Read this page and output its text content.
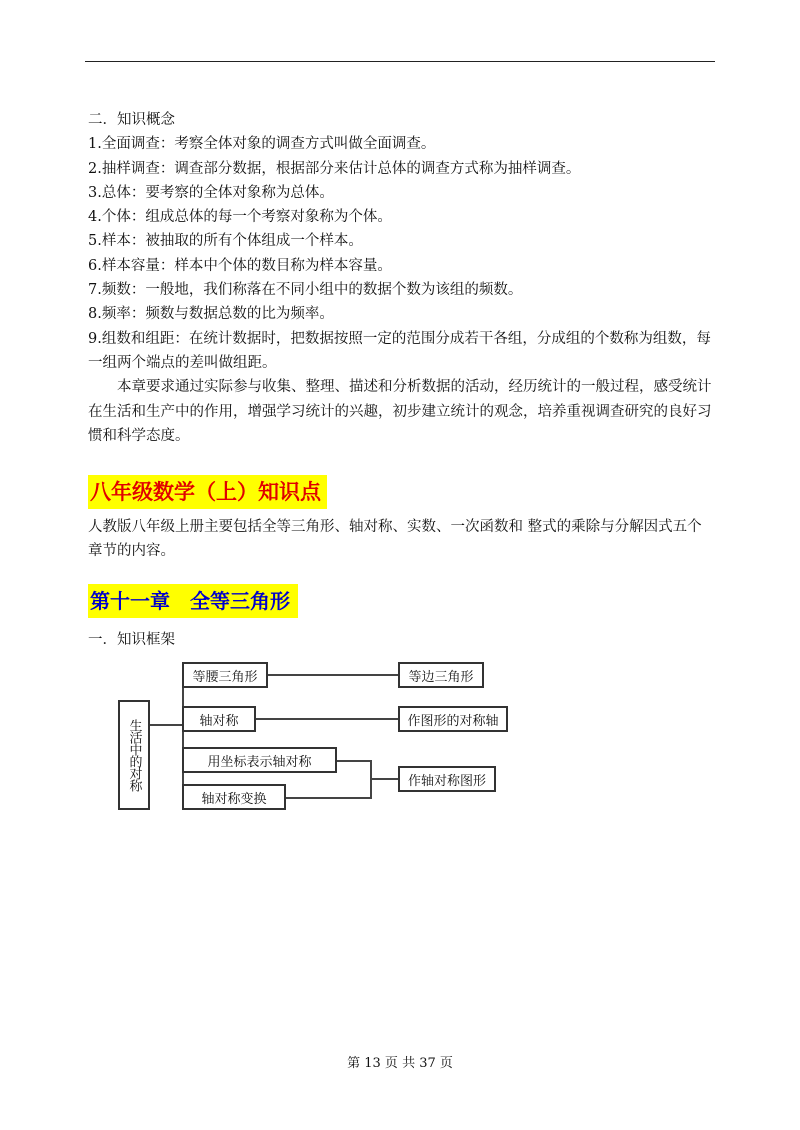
二．知识概念
1.全面调查：考察全体对象的调查方式叫做全面调查。
2.抽样调查：调查部分数据，根据部分来估计总体的调查方式称为抽样调查。
3.总体：要考察的全体对象称为总体。
4.个体：组成总体的每一个考察对象称为个体。
5.样本：被抽取的所有个体组成一个样本。
6.样本容量：样本中个体的数目称为样本容量。
7.频数：一般地，我们称落在不同小组中的数据个数为该组的频数。
8.频率：频数与数据总数的比为频率。
9.组数和组距：在统计数据时，把数据按照一定的范围分成若干各组，分成组的个数称为组数，每一组两个端点的差叫做组距。
本章要求通过实际参与收集、整理、描述和分析数据的活动，经历统计的一般过程，感受统计在生活和生产中的作用，增强学习统计的兴趣，初步建立统计的观念，培养重视调查研究的良好习惯和科学态度。
八年级数学（上）知识点
人教版八年级上册主要包括全等三角形、轴对称、实数、一次函数和 整式的乘除与分解因式五个章节的内容。
第十一章　全等三角形
一．知识框架
生活中的对称
等腰三角形	等边三角形
轴对称	作图形的对称轴
用坐标表示轴对称
作轴对称图形
轴对称变换
第 13 页 共 37 页
